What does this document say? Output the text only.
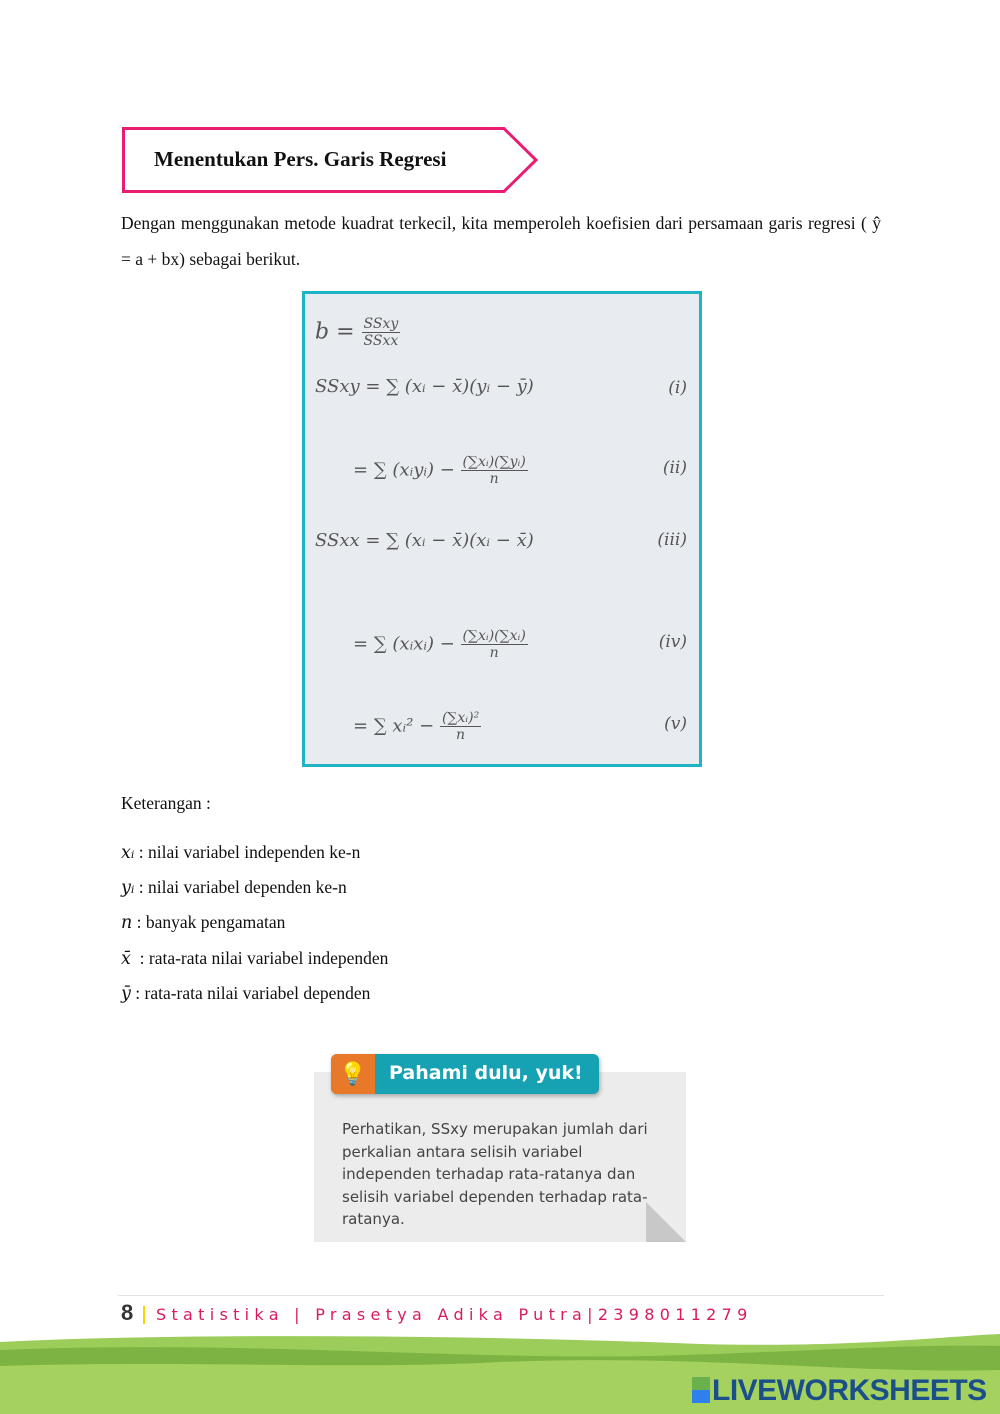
Menentukan Pers. Garis Regresi
Dengan menggunakan metode kuadrat terkecil, kita memperoleh koefisien dari persamaan garis regresi ( ŷ = a + bx) sebagai berikut.
$b = \frac{\text{SSxy}}{\text{SSxx}}$
SSxy = ∑ (xᵢ − x̄)(yᵢ − ȳ)	(i)
= ∑ (xᵢyᵢ) − $\frac{\text{(∑xᵢ)(∑yᵢ)}}{n}$	(ii)
SSxx = ∑ (xᵢ − x̄)(xᵢ − x̄)	(iii)
= ∑ (xᵢxᵢ) − $\frac{\text{(∑xᵢ)(∑xᵢ)}}{n}$	(iv)
= ∑ xᵢ² − $\frac{\text{(∑xᵢ)²}}{n}$	(v)
Keterangan :
xᵢ : nilai variabel independen ke-n
yᵢ : nilai variabel dependen ke-n
n : banyak pengamatan
x̄  : rata-rata nilai variabel independen
ȳ : rata-rata nilai variabel dependen
💡	Pahami dulu, yuk!
Perhatikan, SSxy merupakan jumlah dari perkalian antara selisih variabel independen terhadap rata-ratanya dan selisih variabel dependen terhadap rata-ratanya.
8 Statistika | Prasetya Adika Putra|2398011279
LIVEWORKSHEETS
